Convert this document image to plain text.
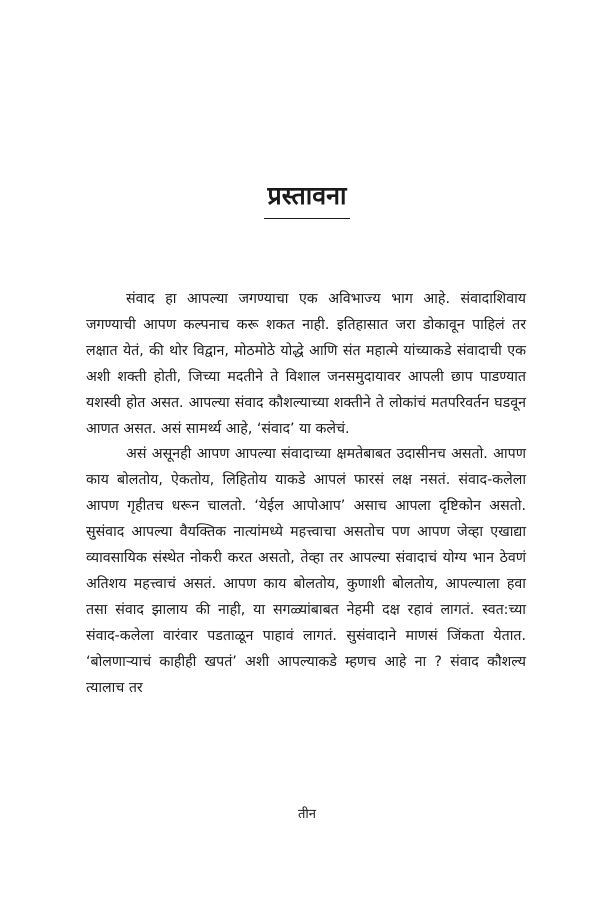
प्रस्तावना

संवाद हा आपल्या जगण्याचा एक अविभाज्य भाग आहे. संवादाशिवाय जगण्याची आपण कल्पनाच करू शकत नाही. इतिहासात जरा डोकावून पाहिलं तर लक्षात येतं, की थोर विद्वान, मोठमोठे योद्धे आणि संत महात्मे यांच्याकडे संवादाची एक अशी शक्ती होती, जिच्या मदतीने ते विशाल जनसमुदायावर आपली छाप पाडण्यात यशस्वी होत असत. आपल्या संवाद कौशल्याच्या शक्तीने ते लोकांचं मतपरिवर्तन घडवून आणत असत. असं सामर्थ्य आहे, ‘संवाद’ या कलेचं.

असं असूनही आपण आपल्या संवादाच्या क्षमतेबाबत उदासीनच असतो. आपण काय बोलतोय, ऐकतोय, लिहितोय याकडे आपलं फारसं लक्ष नसतं. संवाद-कलेला आपण गृहीतच धरून चालतो. ‘येईल आपोआप’ असाच आपला दृष्टिकोन असतो. सुसंवाद आपल्या वैयक्तिक नात्यांमध्ये महत्त्वाचा असतोच पण आपण जेव्हा एखाद्या व्यावसायिक संस्थेत नोकरी करत असतो, तेव्हा तर आपल्या संवादाचं योग्य भान ठेवणं अतिशय महत्त्वाचं असतं. आपण काय बोलतोय, कुणाशी बोलतोय, आपल्याला हवा तसा संवाद झालाय की नाही, या सगळ्यांबाबत नेहमी दक्ष रहावं लागतं. स्वत:च्या संवाद-कलेला वारंवार पडताळून पाहावं लागतं. सुसंवादाने माणसं जिंकता येतात. ‘बोलणाऱ्याचं काहीही खपतं’ अशी आपल्याकडे म्हणच आहे ना ? संवाद कौशल्य त्यालाच तर

तीन
